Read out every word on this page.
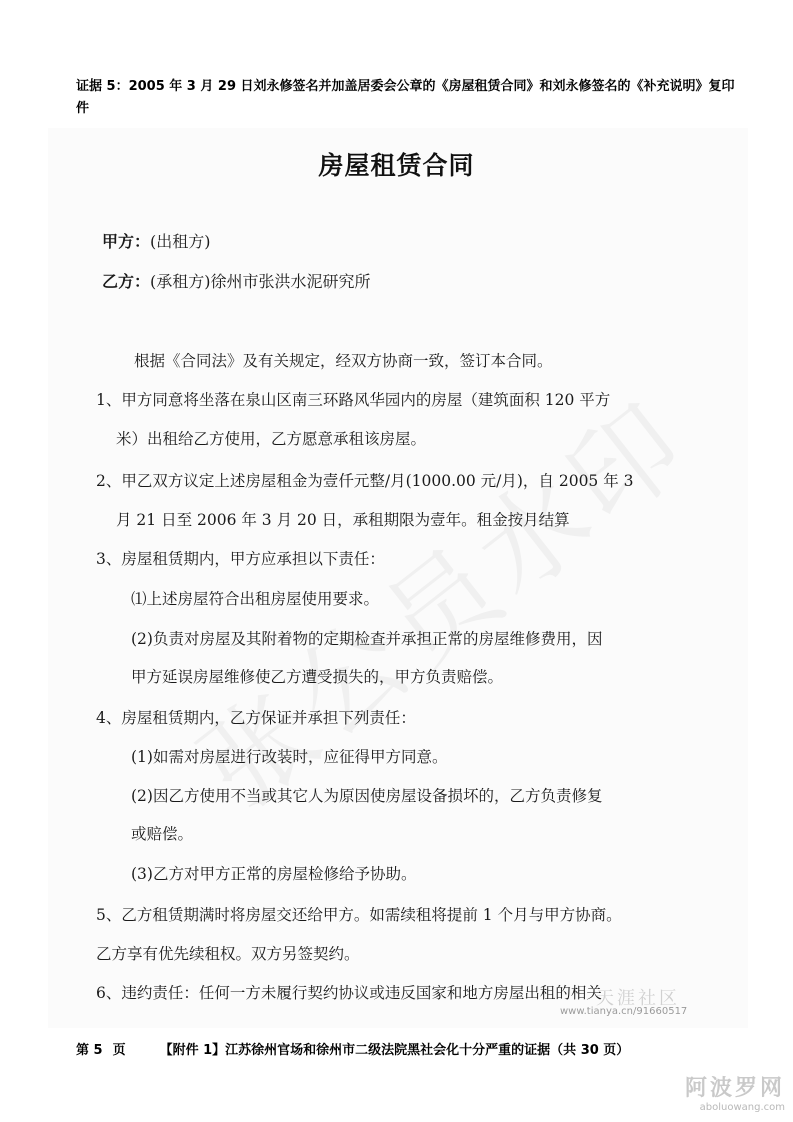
证据 5：2005 年 3 月 29 日刘永修签名并加盖居委会公章的《房屋租赁合同》和刘永修签名的《补充说明》复印件
房屋租赁合同
甲方：(出租方)
乙方：(承租方)徐州市张洪水泥研究所
根据《合同法》及有关规定，经双方协商一致，签订本合同。
1、甲方同意将坐落在泉山区南三环路风华园内的房屋（建筑面积 120 平方
米）出租给乙方使用，乙方愿意承租该房屋。
2、甲乙双方议定上述房屋租金为壹仟元整/月(1000.00 元/月)，自 2005 年 3
月 21 日至 2006 年 3 月 20 日，承租期限为壹年。租金按月结算
3、房屋租赁期内，甲方应承担以下责任：
⑴上述房屋符合出租房屋使用要求。
(2)负责对房屋及其附着物的定期检查并承担正常的房屋维修费用，因
甲方延误房屋维修使乙方遭受损失的，甲方负责赔偿。
4、房屋租赁期内，乙方保证并承担下列责任：
(1)如需对房屋进行改装时，应征得甲方同意。
(2)因乙方使用不当或其它人为原因使房屋设备损坏的，乙方负责修复
或赔偿。
(3)乙方对甲方正常的房屋检修给予协助。
5、乙方租赁期满时将房屋交还给甲方。如需续租将提前 1 个月与甲方协商。
乙方享有优先续租权。双方另签契约。
6、违约责任：任何一方未履行契约协议或违反国家和地方房屋出租的相关
天涯社区
www.tianya.cn/91660517
第 5 页	【附件 1】江苏徐州官场和徐州市二级法院黑社会化十分严重的证据（共 30 页）
阿波罗网
aboluowang.com
